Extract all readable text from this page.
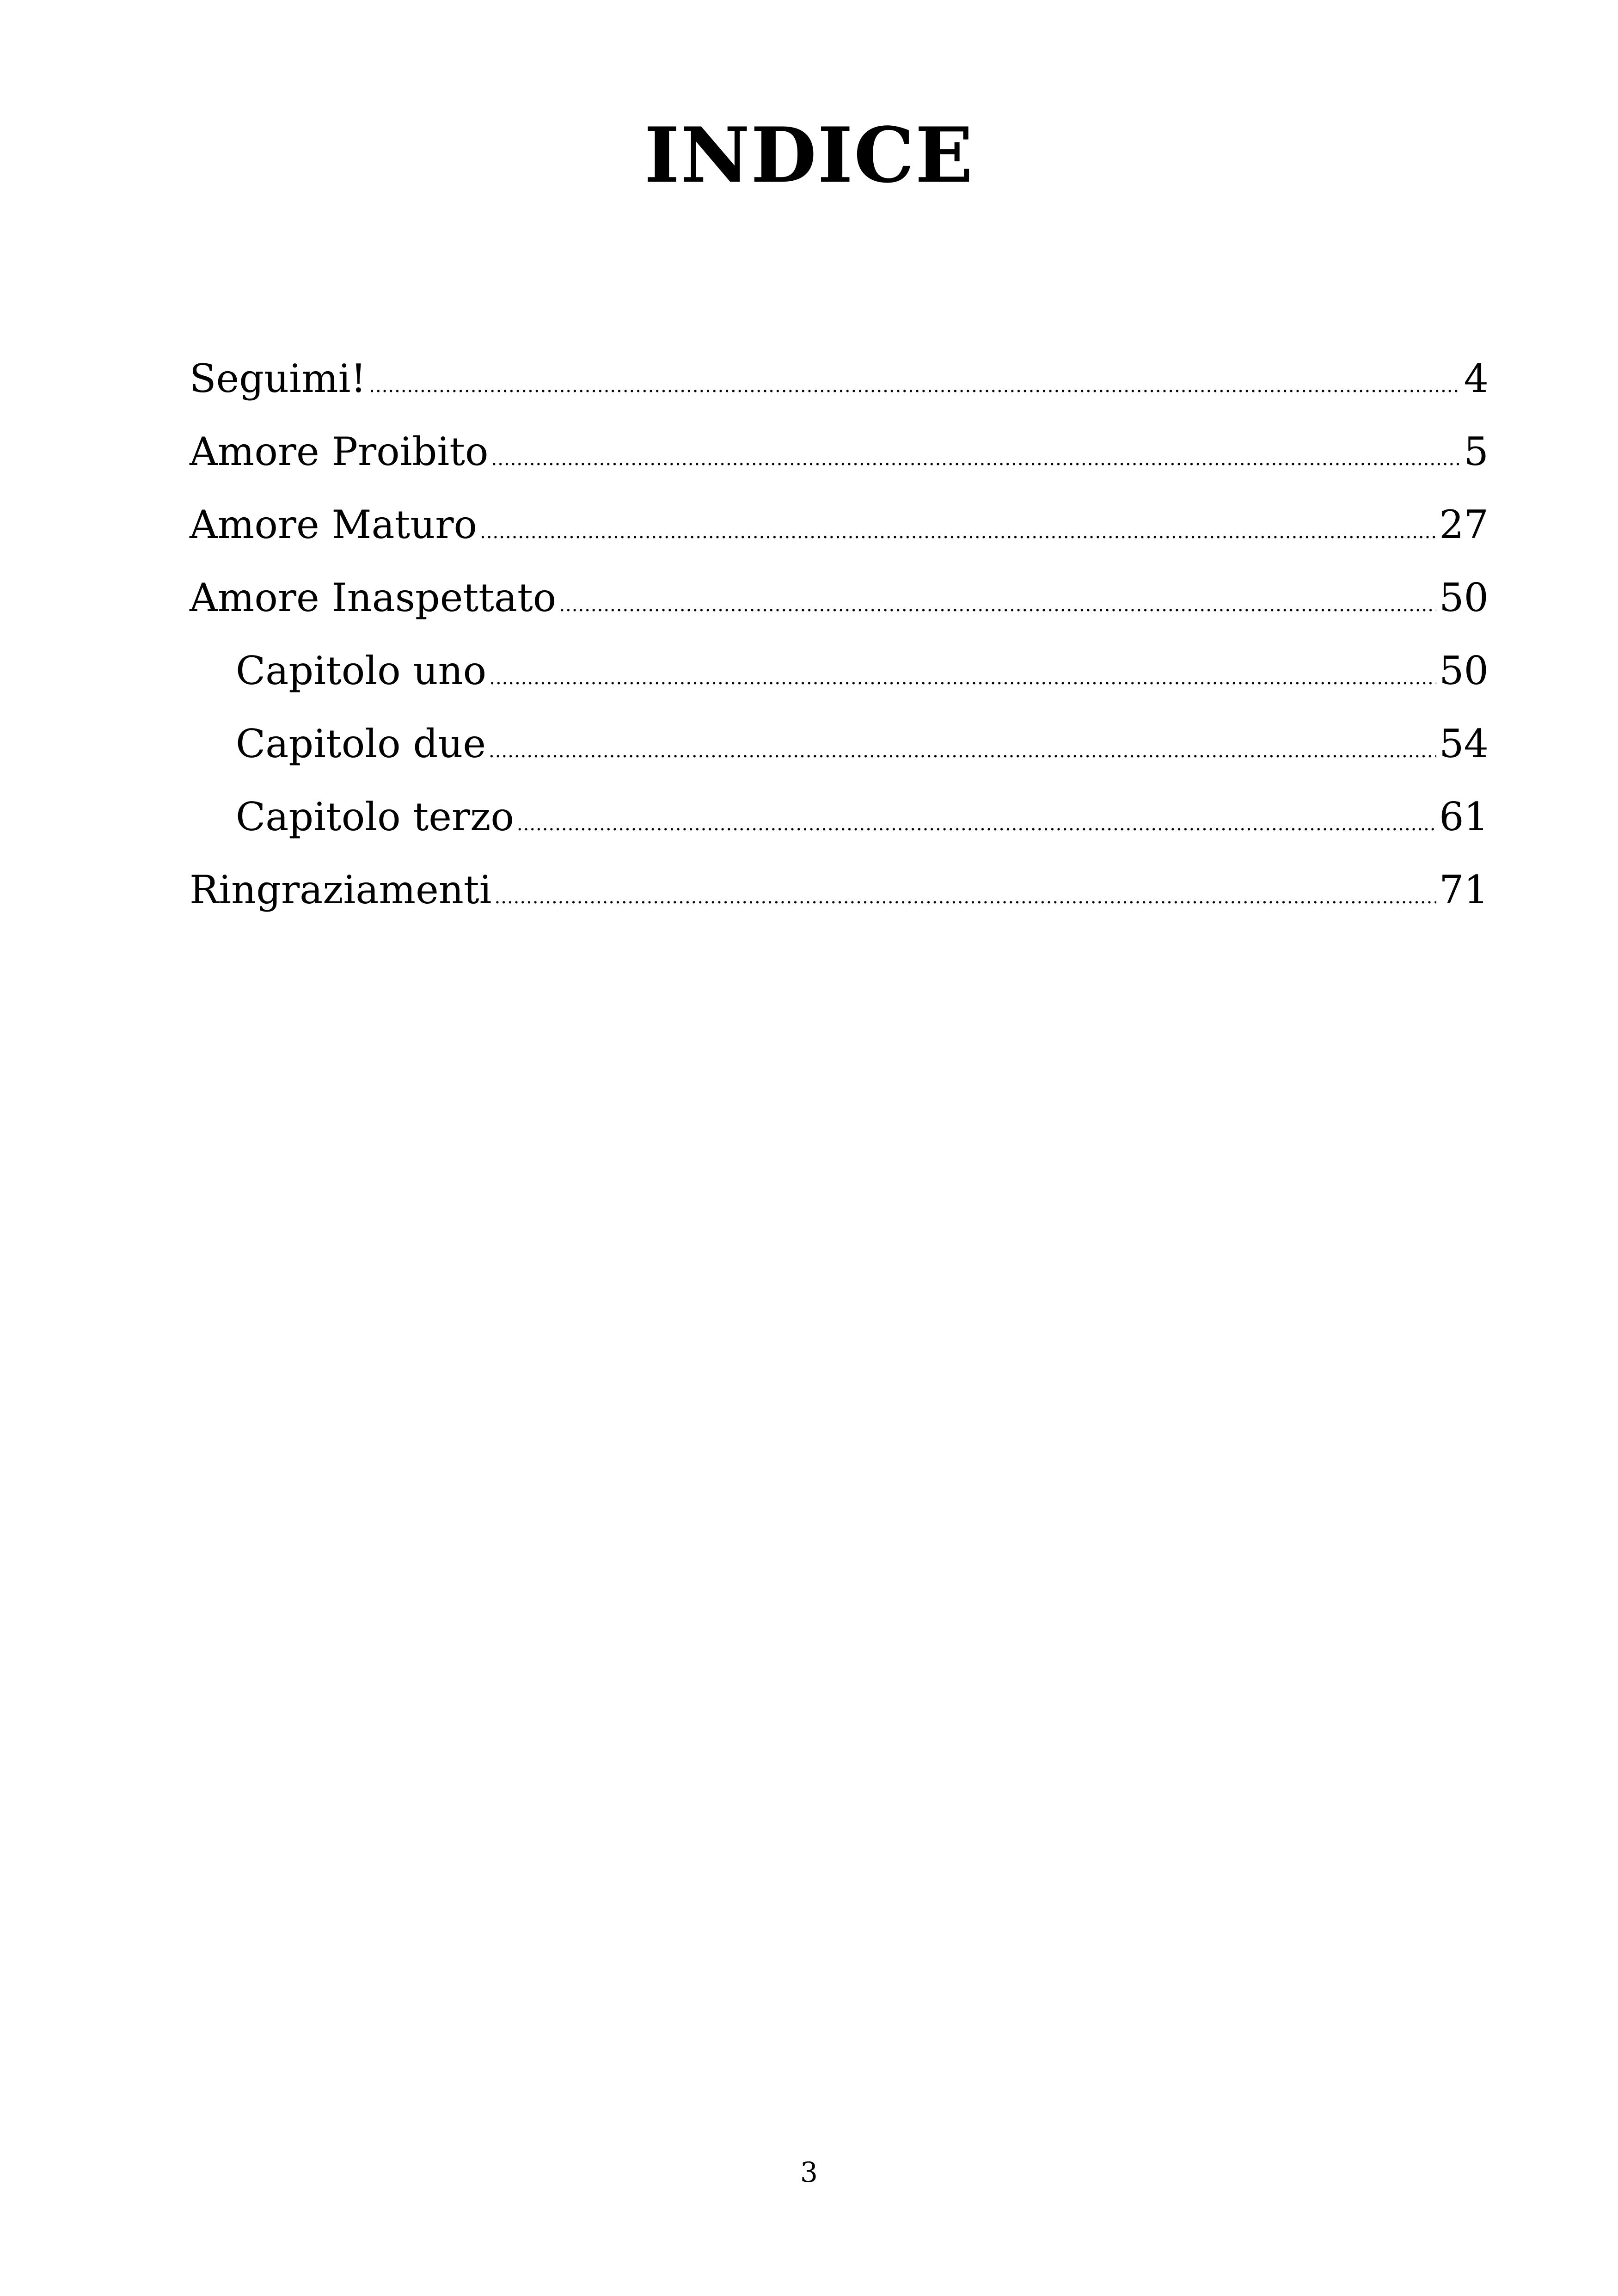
INDICE
Seguimi! .....	4
Amore Proibito .....	5
Amore Maturo .....	27
Amore Inaspettato .....	50
Capitolo uno .....	50
Capitolo due .....	54
Capitolo terzo .....	61
Ringraziamenti .....	71
3
